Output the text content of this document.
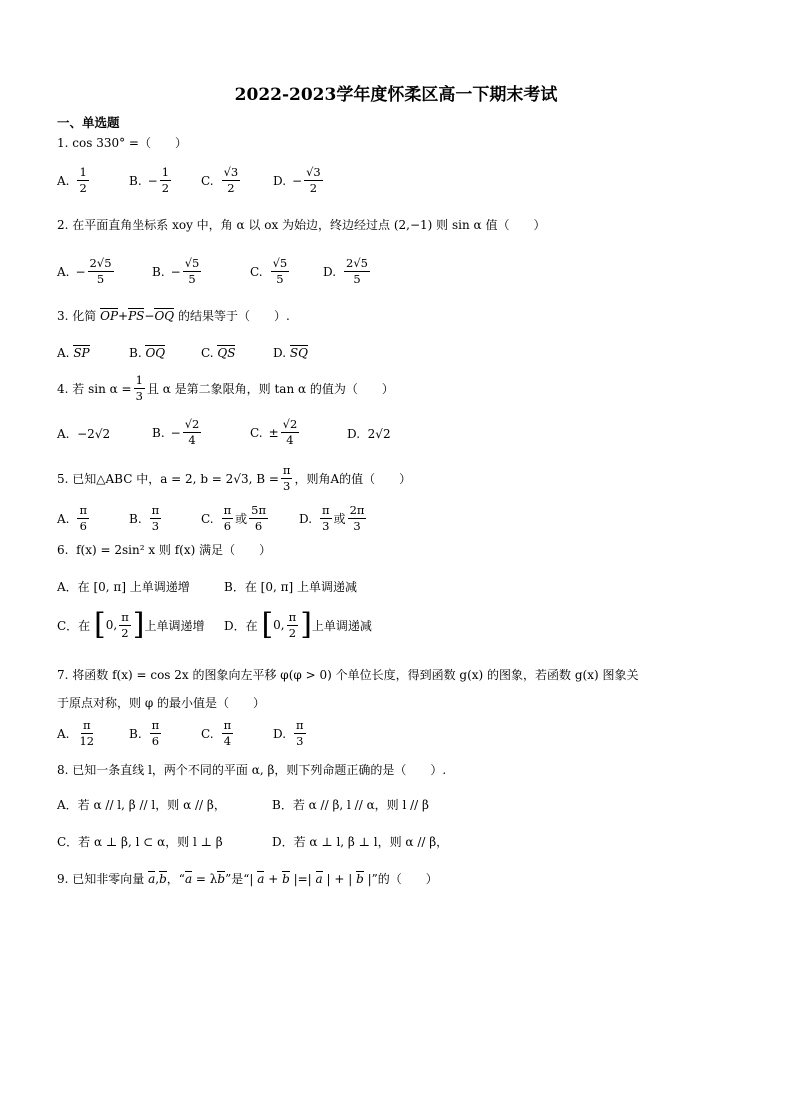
2022-2023学年度怀柔区高一下期末考试
一、单选题
1. cos 330° =（　　）
A. $\frac{1}{2}$	B. − $\frac{1}{2} C$. $\frac{√3}{2}$	D. − $\frac{√3}{2}$
2. 在平面直角坐标系 xoy 中，角 α 以 ox 为始边，终边经过点 (2,−1) 则 sin α 值（　　）
A. − $\frac{2√5}{5}$	B. − $\frac{√5}{5}$	C. $\frac{√5}{5}$	D. $\frac{2√5}{5}$
3. 化简 OP+PS−OQ 的结果等于（　　）.
A. SP	B. OQ	C. QS	D. SQ
4.
若 $\sin \alpha = \frac{1}{3}$ 且 α 是第二象限角，则 tan α 的值为（　　）
A. −2√2	B. − $\frac{√2}{4}$	C. ± $\frac{√2}{4}$	D. 2√2
5.
已知△ABC 中，a = 2, b = 2√3, $B = \frac{\pi}{3}$ ，则角A的值（　　）
A. $\frac{\pi}{6}$	B. $\frac{\pi}{3}$	C. $\frac{\pi}{6}$ 或 $\frac{5\pi}{6}$	D. $\frac{\pi}{3}$ 或 $\frac{2\pi}{3}$
6. f(x) = 2sin² x 则 f(x) 满足（　　）
A．在 [0, π] 上单调递增	B．在 [0, π] 上单调递减
C．在
[ 0, $\frac{\pi}{2}$ ] 上单调递增 D．在
[ 0, $\frac{\pi}{2}$ ] 上单调递减
7. 将函数 f(x) = cos 2x 的图象向左平移 φ(φ > 0) 个单位长度，得到函数 g(x) 的图象，若函数 g(x) 图象关
于原点对称，则 φ 的最小值是（　　）
A. $\frac{\pi}{12}$	B. $\frac{\pi}{6}$	C. $\frac{\pi}{4}$	D. $\frac{\pi}{3}$
8. 已知一条直线 l，两个不同的平面 α, β，则下列命题正确的是（　　）.
A．若 α // l, β // l，则 α // β，	B．若 α // β, l // α，则 l // β
C．若 α ⊥ β, l ⊂ α，则 l ⊥ β	D．若 α ⊥ l, β ⊥ l，则 α // β，
9. 已知非零向量 a,b，“a = λb”是“| a + b |=| a | + | b |”的（　　）
